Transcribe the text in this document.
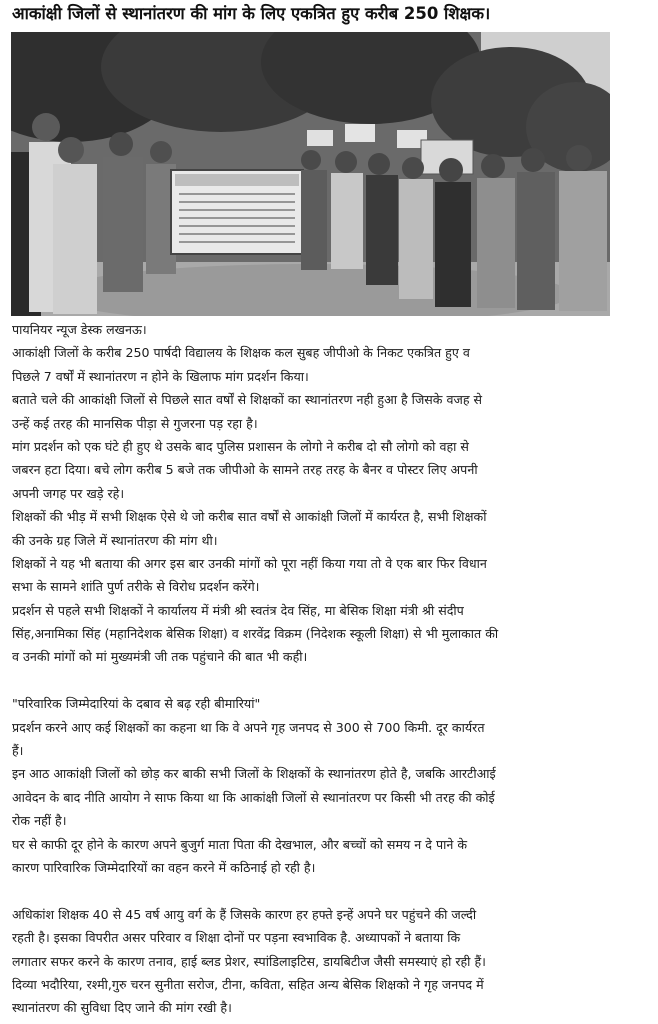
आकांक्षी जिलों से स्थानांतरण की मांग के लिए एकत्रित हुए करीब 250 शिक्षक।
पायनियर न्यूज डेस्क लखनऊ।
आकांक्षी जिलों के करीब 250 पार्षदी विद्यालय के शिक्षक कल सुबह जीपीओ के निकट एकत्रित हुए व
पिछले 7 वर्षों में स्थानांतरण न होने के खिलाफ मांग प्रदर्शन किया।
बताते चले की आकांक्षी जिलों से पिछले सात वर्षों से शिक्षकों का स्थानांतरण नही हुआ है जिसके वजह से
उन्हें कई तरह की मानसिक पीड़ा से गुजरना पड़ रहा है।
मांग प्रदर्शन को एक घंटे ही हुए थे उसके बाद पुलिस प्रशासन के लोगो ने करीब दो सौ लोगो को वहा से
जबरन हटा दिया। बचे लोग करीब 5 बजे तक जीपीओ के सामने तरह तरह के बैनर व पोस्टर लिए अपनी
अपनी जगह पर खड़े रहे।
शिक्षकों की भीड़ में सभी शिक्षक ऐसे थे जो करीब सात वर्षों से आकांक्षी जिलों में कार्यरत है, सभी शिक्षकों
की उनके ग्रह जिले में स्थानांतरण की मांग थी।
शिक्षकों ने यह भी बताया की अगर इस बार उनकी मांगों को पूरा नहीं किया गया तो वे एक बार फिर विधान
सभा के सामने शांति पुर्ण तरीके से विरोध प्रदर्शन करेंगे।
प्रदर्शन से पहले सभी शिक्षकों ने कार्यालय में मंत्री श्री स्वतंत्र देव सिंह, मा बेसिक शिक्षा मंत्री श्री संदीप
सिंह,अनामिका सिंह (महानिदेशक बेसिक शिक्षा) व शरवेंद्र विक्रम (निदेशक स्कूली शिक्षा) से भी मुलाकात की
व उनकी मांगों को मां मुख्यमंत्री जी तक पहुंचाने की बात भी कही।
"परिवारिक जिम्मेदारियां के दबाव से बढ़ रही बीमारियां"
प्रदर्शन करने आए कई शिक्षकों का कहना था कि वे अपने गृह जनपद से 300 से 700 किमी. दूर कार्यरत
हैं।
इन आठ आकांक्षी जिलों को छोड़ कर बाकी सभी जिलों के शिक्षकों के स्थानांतरण होते है, जबकि आरटीआई
आवेदन के बाद नीति आयोग ने साफ किया था कि आकांक्षी जिलों से स्थानांतरण पर किसी भी तरह की कोई
रोक नहीं है।
घर से काफी दूर होने के कारण अपने बुजुर्ग माता पिता की देखभाल, और बच्चों को समय न दे पाने के
कारण पारिवारिक जिम्मेदारियों का वहन करने में कठिनाई हो रही है।
अधिकांश शिक्षक 40 से 45 वर्ष आयु वर्ग के हैं जिसके कारण हर हफ्ते इन्हें अपने घर पहुंचने की जल्दी
रहती है। इसका विपरीत असर परिवार व शिक्षा दोनों पर पड़ना स्वभाविक है. अध्यापकों ने बताया कि
लगातार सफर करने के कारण तनाव, हाई ब्लड प्रेशर, स्पांडिलाइटिस, डायबिटीज जैसी समस्याएं हो रही हैं।
दिव्या भदौरिया, रश्मी,गुरु चरन सुनीता सरोज, टीना, कविता, सहित अन्य बेसिक शिक्षको ने गृह जनपद में
स्थानांतरण की सुविधा दिए जाने की मांग रखी है।
